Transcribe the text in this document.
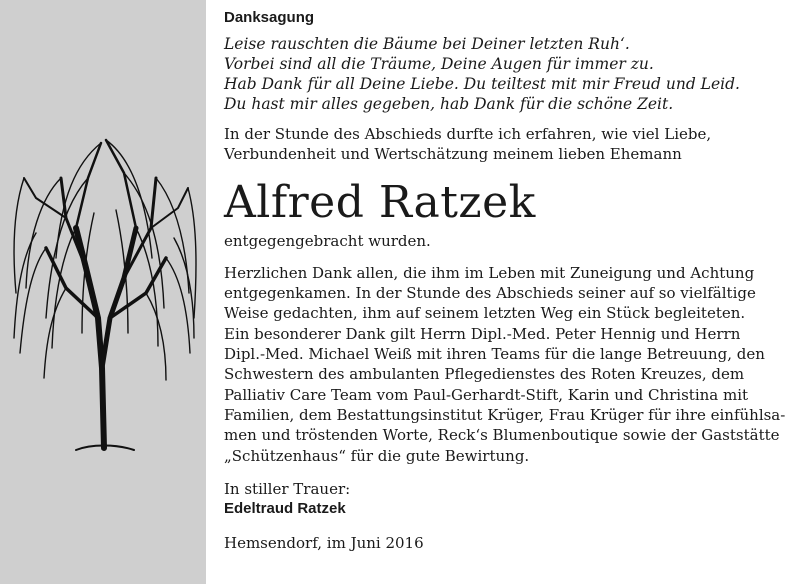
Danksagung
Leise rauschten die Bäume bei Deiner letzten Ruh‘.
Vorbei sind all die Träume, Deine Augen für immer zu.
Hab Dank für all Deine Liebe. Du teiltest mit mir Freud und Leid.
Du hast mir alles gegeben, hab Dank für die schöne Zeit.
In der Stunde des Abschieds durfte ich erfahren, wie viel Liebe,
Verbundenheit und Wertschätzung meinem lieben Ehemann
Alfred Ratzek
entgegengebracht wurden.
Herzlichen Dank allen, die ihm im Leben mit Zuneigung und Achtung
entgegenkamen. In der Stunde des Abschieds seiner auf so vielfältige
Weise gedachten, ihm auf seinem letzten Weg ein Stück begleiteten.
Ein besonderer Dank gilt Herrn Dipl.-Med. Peter Hennig und Herrn
Dipl.-Med. Michael Weiß mit ihren Teams für die lange Betreuung, den
Schwestern des ambulanten Pflegedienstes des Roten Kreuzes, dem
Palliativ Care Team vom Paul-Gerhardt-Stift, Karin und Christina mit
Familien, dem Bestattungsinstitut Krüger, Frau Krüger für ihre einfühlsa-
men und tröstenden Worte, Reck‘s Blumenboutique sowie der Gaststätte
„Schützenhaus“ für die gute Bewirtung.
In stiller Trauer:
Edeltraud Ratzek
Hemsendorf, im Juni 2016
